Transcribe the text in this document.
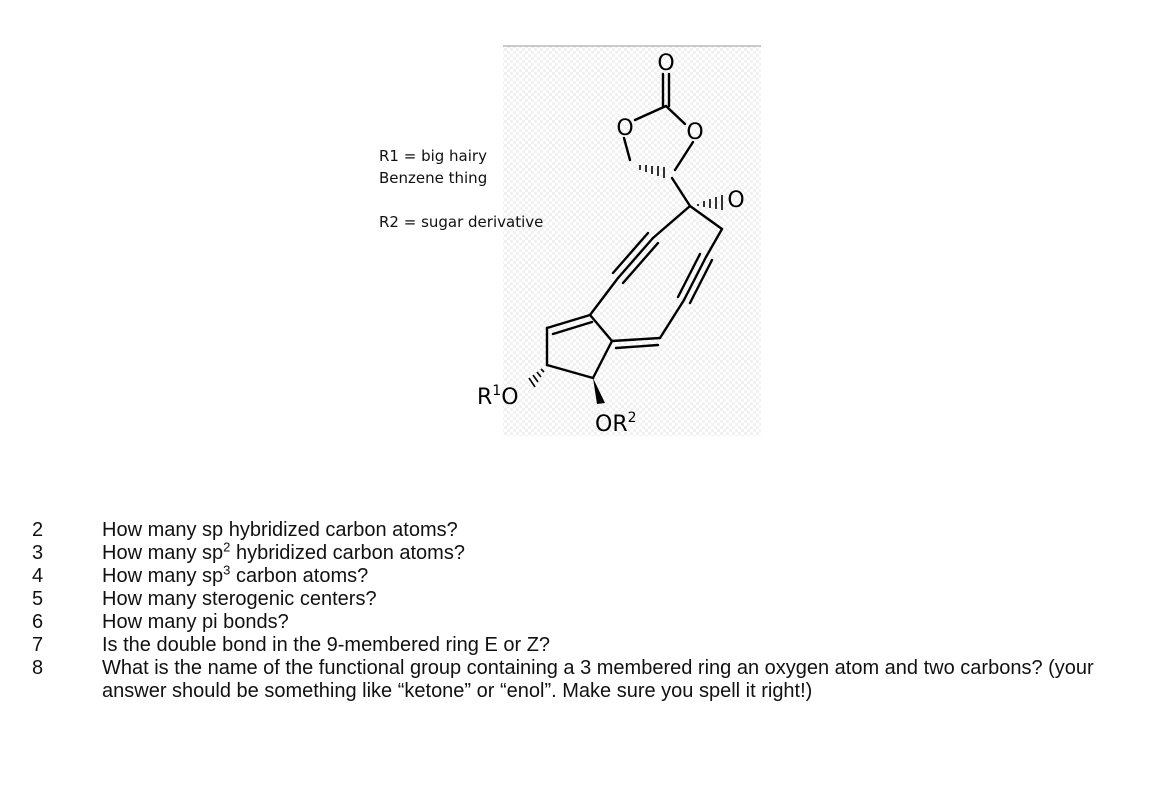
O
O O
O
$R^1O$
$OR^2$
R1 = big hairy
Benzene thing
R2 = sugar derivative
2	How many sp hybridized carbon atoms?
3	How many $sp^2$ hybridized carbon atoms?
4	How many $sp^3$ carbon atoms?
5	How many sterogenic centers?
6	How many pi bonds?
7	Is the double bond in the 9-membered ring E or Z?
8	What is the name of the functional group containing a 3 membered ring an oxygen atom and two carbons? (your answer should be something like “ketone” or “enol”. Make sure you spell it right!)
